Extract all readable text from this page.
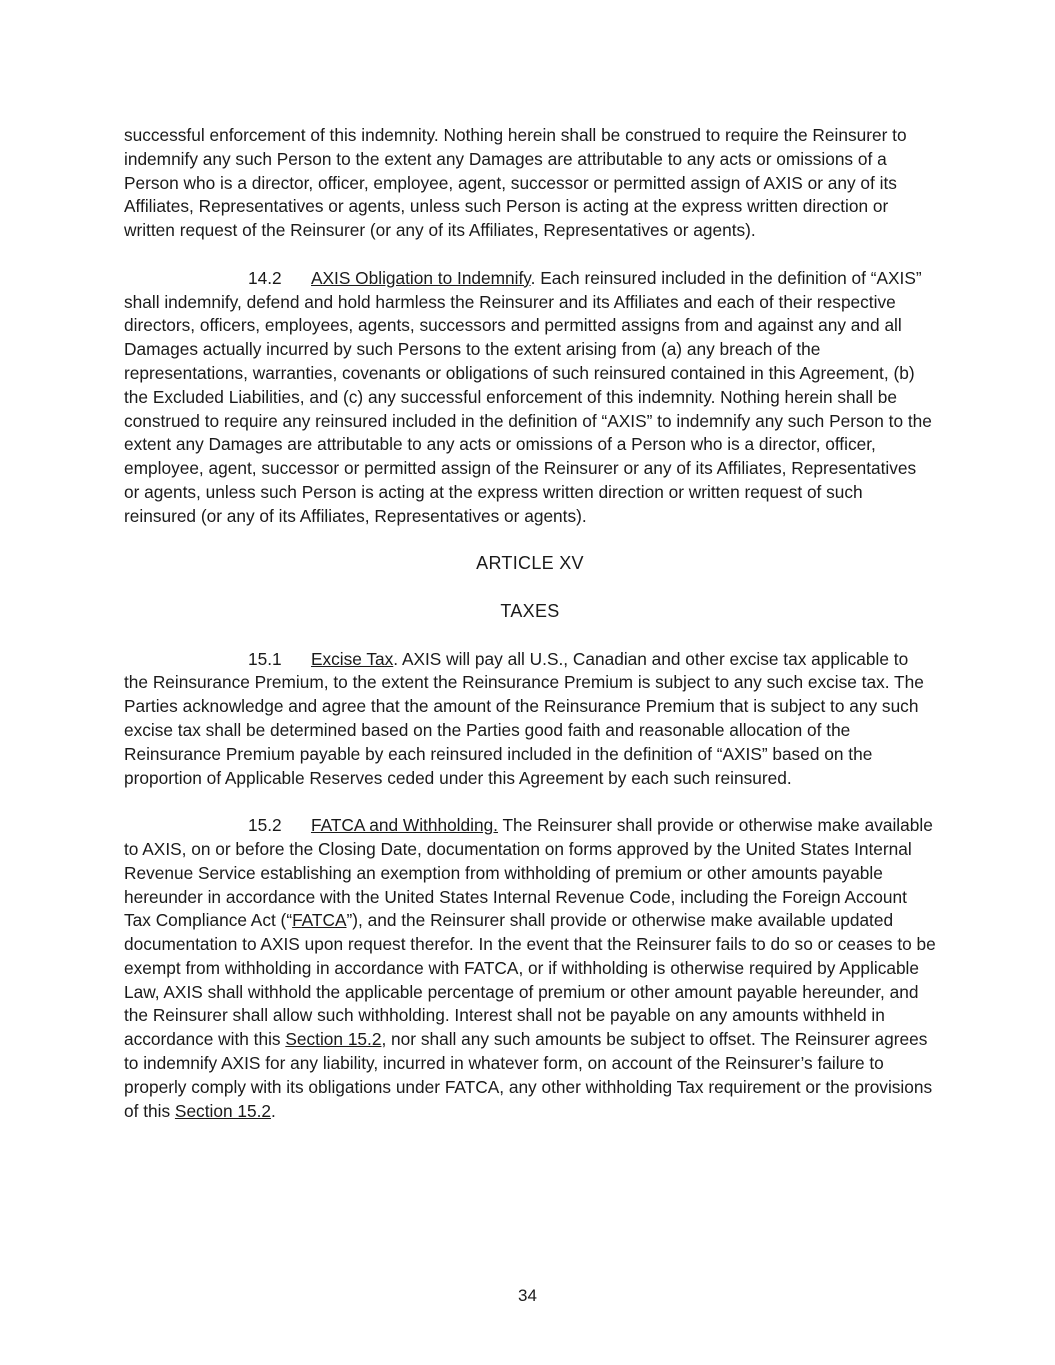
successful enforcement of this indemnity. Nothing herein shall be construed to require the Reinsurer to indemnify any such Person to the extent any Damages are attributable to any acts or omissions of a Person who is a director, officer, employee, agent, successor or permitted assign of AXIS or any of its Affiliates, Representatives or agents, unless such Person is acting at the express written direction or written request of the Reinsurer (or any of its Affiliates, Representatives or agents).

14.2 AXIS Obligation to Indemnify. Each reinsured included in the definition of “AXIS” shall indemnify, defend and hold harmless the Reinsurer and its Affiliates and each of their respective directors, officers, employees, agents, successors and permitted assigns from and against any and all Damages actually incurred by such Persons to the extent arising from (a) any breach of the representations, warranties, covenants or obligations of such reinsured contained in this Agreement, (b) the Excluded Liabilities, and (c) any successful enforcement of this indemnity. Nothing herein shall be construed to require any reinsured included in the definition of “AXIS” to indemnify any such Person to the extent any Damages are attributable to any acts or omissions of a Person who is a director, officer, employee, agent, successor or permitted assign of the Reinsurer or any of its Affiliates, Representatives or agents, unless such Person is acting at the express written direction or written request of such reinsured (or any of its Affiliates, Representatives or agents).

ARTICLE XV

TAXES

15.1 Excise Tax. AXIS will pay all U.S., Canadian and other excise tax applicable to the Reinsurance Premium, to the extent the Reinsurance Premium is subject to any such excise tax. The Parties acknowledge and agree that the amount of the Reinsurance Premium that is subject to any such excise tax shall be determined based on the Parties good faith and reasonable allocation of the Reinsurance Premium payable by each reinsured included in the definition of “AXIS” based on the proportion of Applicable Reserves ceded under this Agreement by each such reinsured.

15.2 FATCA and Withholding. The Reinsurer shall provide or otherwise make available to AXIS, on or before the Closing Date, documentation on forms approved by the United States Internal Revenue Service establishing an exemption from withholding of premium or other amounts payable hereunder in accordance with the United States Internal Revenue Code, including the Foreign Account Tax Compliance Act (“FATCA”), and the Reinsurer shall provide or otherwise make available updated documentation to AXIS upon request therefor. In the event that the Reinsurer fails to do so or ceases to be exempt from withholding in accordance with FATCA, or if withholding is otherwise required by Applicable Law, AXIS shall withhold the applicable percentage of premium or other amount payable hereunder, and the Reinsurer shall allow such withholding. Interest shall not be payable on any amounts withheld in accordance with this Section 15.2, nor shall any such amounts be subject to offset. The Reinsurer agrees to indemnify AXIS for any liability, incurred in whatever form, on account of the Reinsurer’s failure to properly comply with its obligations under FATCA, any other withholding Tax requirement or the provisions of this Section 15.2.

34
